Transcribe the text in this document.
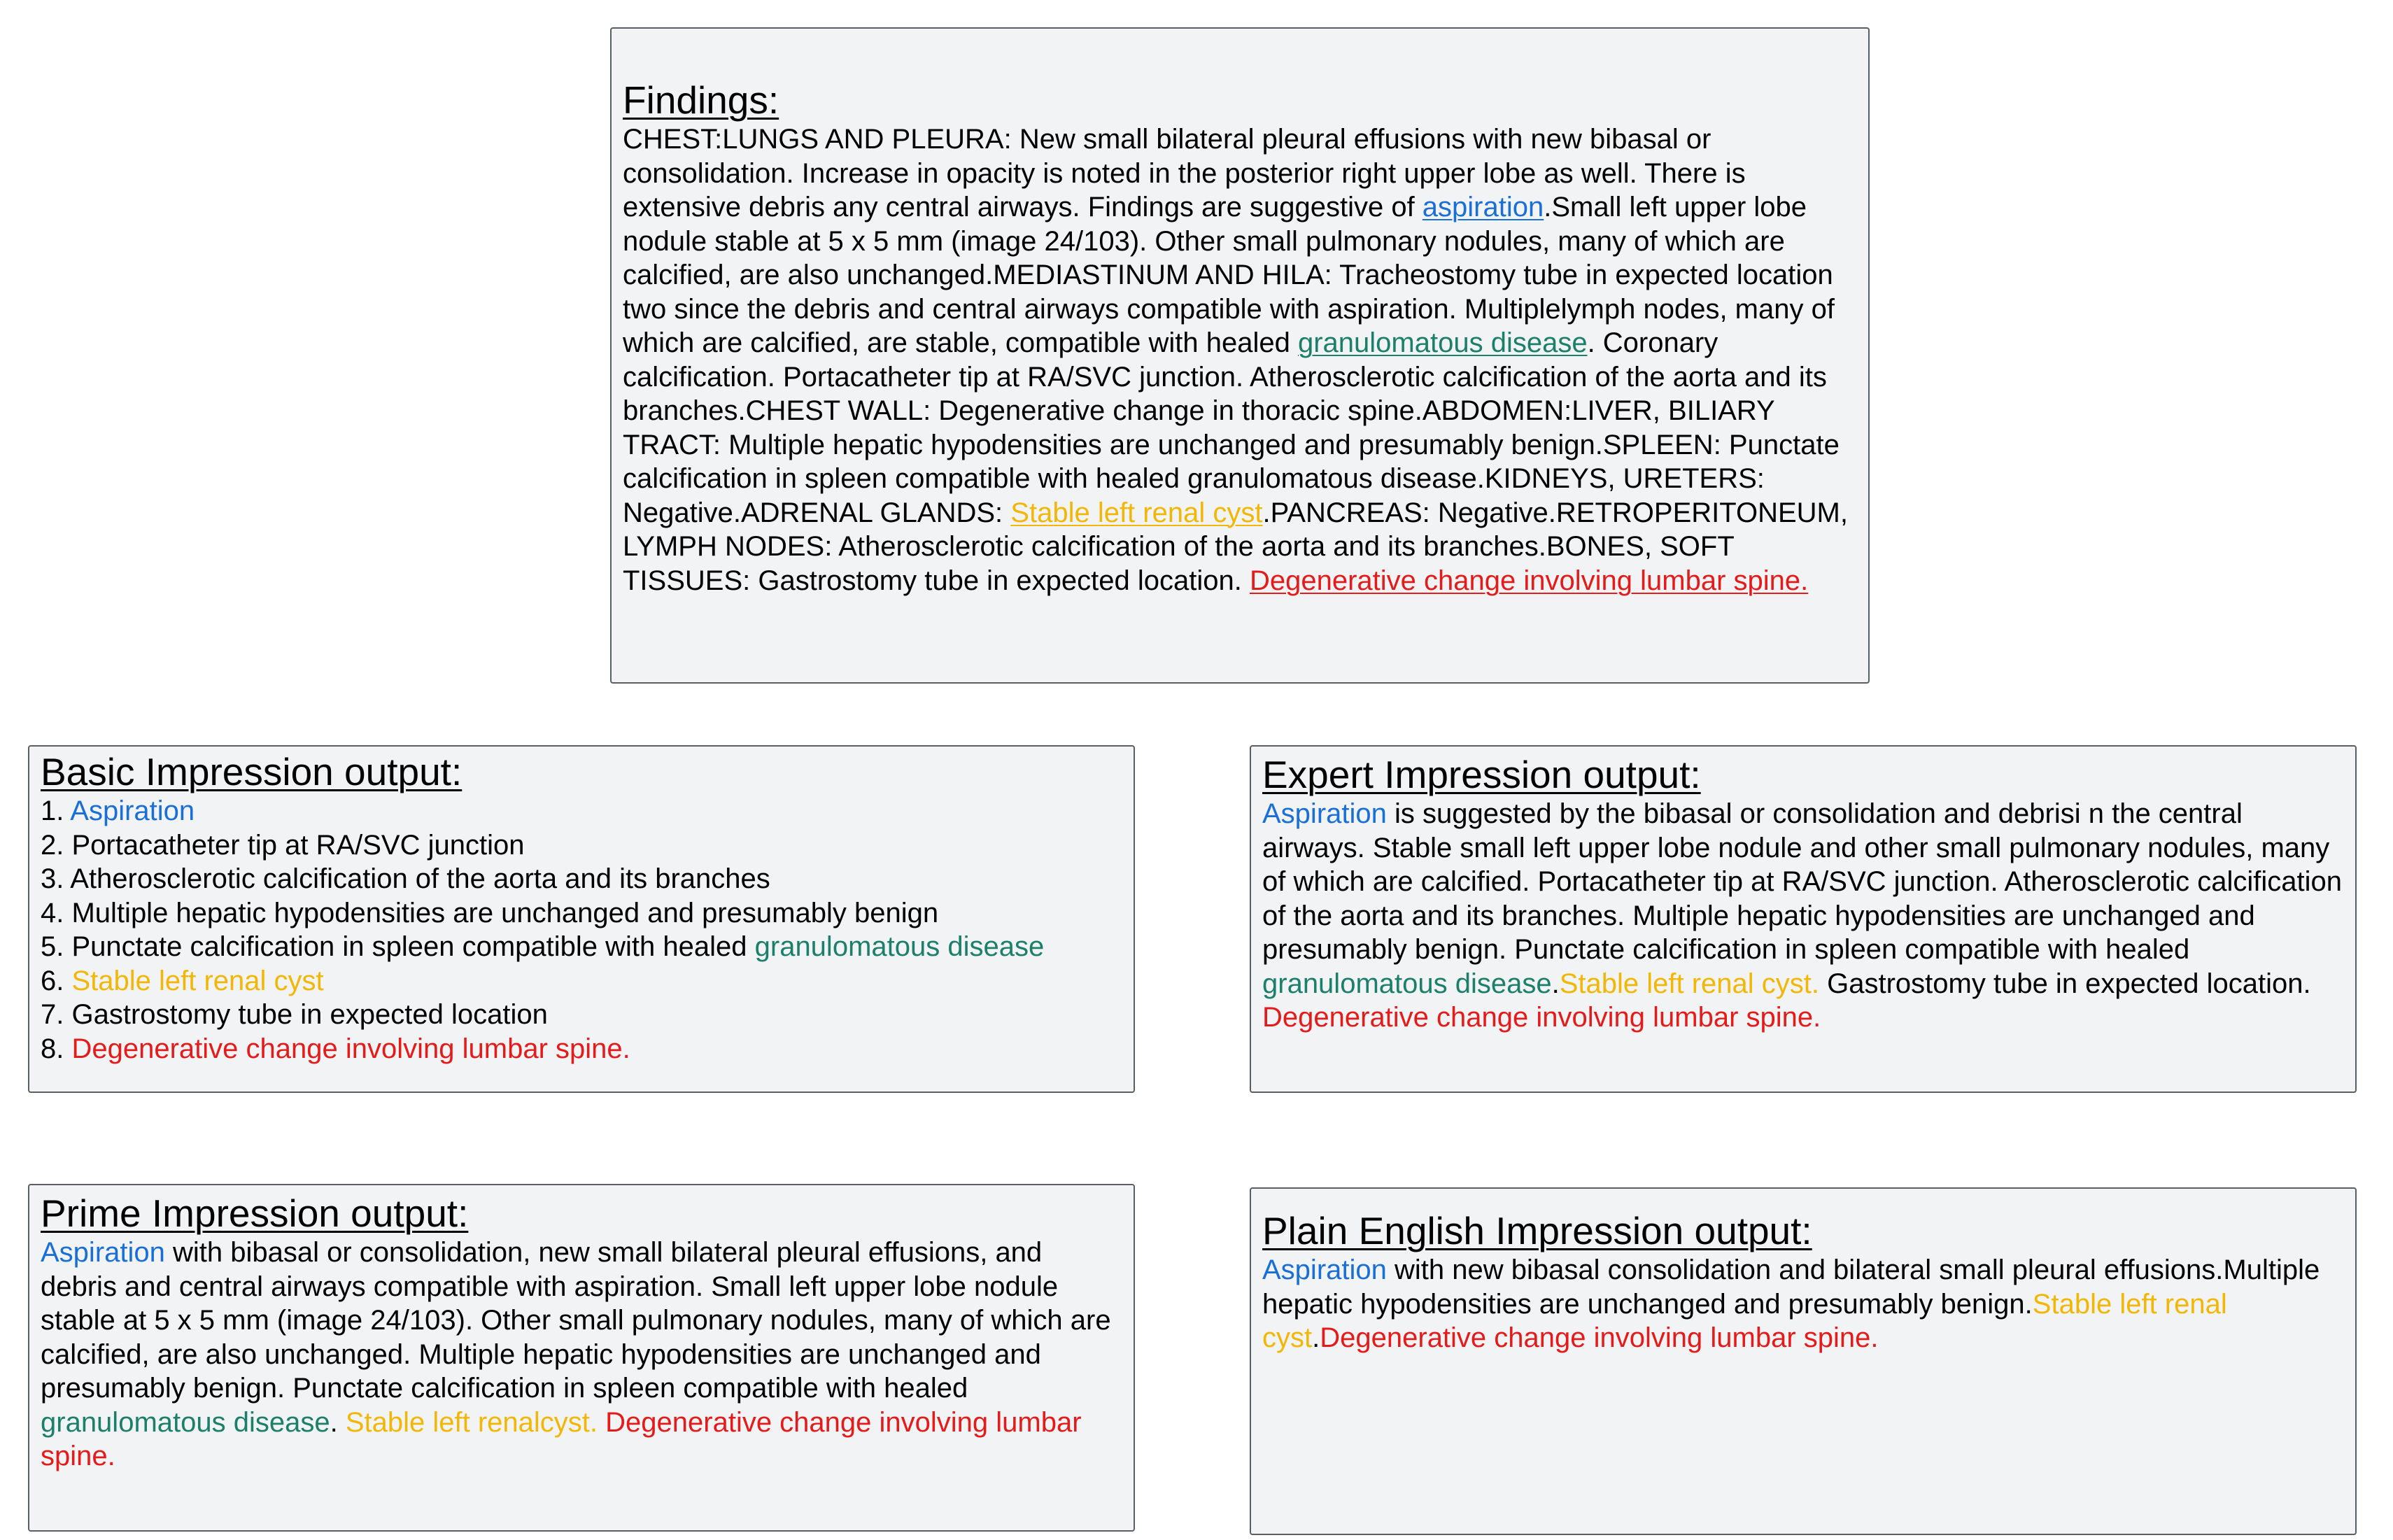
Findings:
CHEST:LUNGS AND PLEURA: New small bilateral pleural effusions with new bibasal or consolidation. Increase in opacity is noted in the posterior right upper lobe as well. There is extensive debris any central airways. Findings are suggestive of aspiration.Small left upper lobe nodule stable at 5 x 5 mm (image 24/103). Other small pulmonary nodules, many of which are calcified, are also unchanged.MEDIASTINUM AND HILA: Tracheostomy tube in expected location two since the debris and central airways compatible with aspiration. Multiplelymph nodes, many of which are calcified, are stable, compatible with healed granulomatous disease. Coronary calcification. Portacatheter tip at RA/SVC junction. Atherosclerotic calcification of the aorta and its branches.CHEST WALL: Degenerative change in thoracic spine.ABDOMEN:LIVER, BILIARY TRACT: Multiple hepatic hypodensities are unchanged and presumably benign.SPLEEN: Punctate calcification in spleen compatible with healed granulomatous disease.KIDNEYS, URETERS: Negative.ADRENAL GLANDS: Stable left renal cyst.PANCREAS: Negative.RETROPERITONEUM, LYMPH NODES: Atherosclerotic calcification of the aorta and its branches.BONES, SOFT TISSUES: Gastrostomy tube in expected location. Degenerative change involving lumbar spine.
Basic Impression output:
1. Aspiration
2. Portacatheter tip at RA/SVC junction
3. Atherosclerotic calcification of the aorta and its branches
4. Multiple hepatic hypodensities are unchanged and presumably benign
5. Punctate calcification in spleen compatible with healed granulomatous disease
6. Stable left renal cyst
7. Gastrostomy tube in expected location
8. Degenerative change involving lumbar spine.
Expert Impression output:
Aspiration is suggested by the bibasal or consolidation and debrisi n the central airways. Stable small left upper lobe nodule and other small pulmonary nodules, many of which are calcified. Portacatheter tip at RA/SVC junction. Atherosclerotic calcification of the aorta and its branches. Multiple hepatic hypodensities are unchanged and presumably benign. Punctate calcification in spleen compatible with healed granulomatous disease.Stable left renal cyst. Gastrostomy tube in expected location. Degenerative change involving lumbar spine.
Prime Impression output:
Aspiration with bibasal or consolidation, new small bilateral pleural effusions, and debris and central airways compatible with aspiration. Small left upper lobe nodule stable at 5 x 5 mm (image 24/103). Other small pulmonary nodules, many of which are calcified, are also unchanged. Multiple hepatic hypodensities are unchanged and presumably benign. Punctate calcification in spleen compatible with healed granulomatous disease. Stable left renalcyst. Degenerative change involving lumbar spine.
Plain English Impression output:
Aspiration with new bibasal consolidation and bilateral small pleural effusions.Multiple hepatic hypodensities are unchanged and presumably benign.Stable left renal cyst.Degenerative change involving lumbar spine.
